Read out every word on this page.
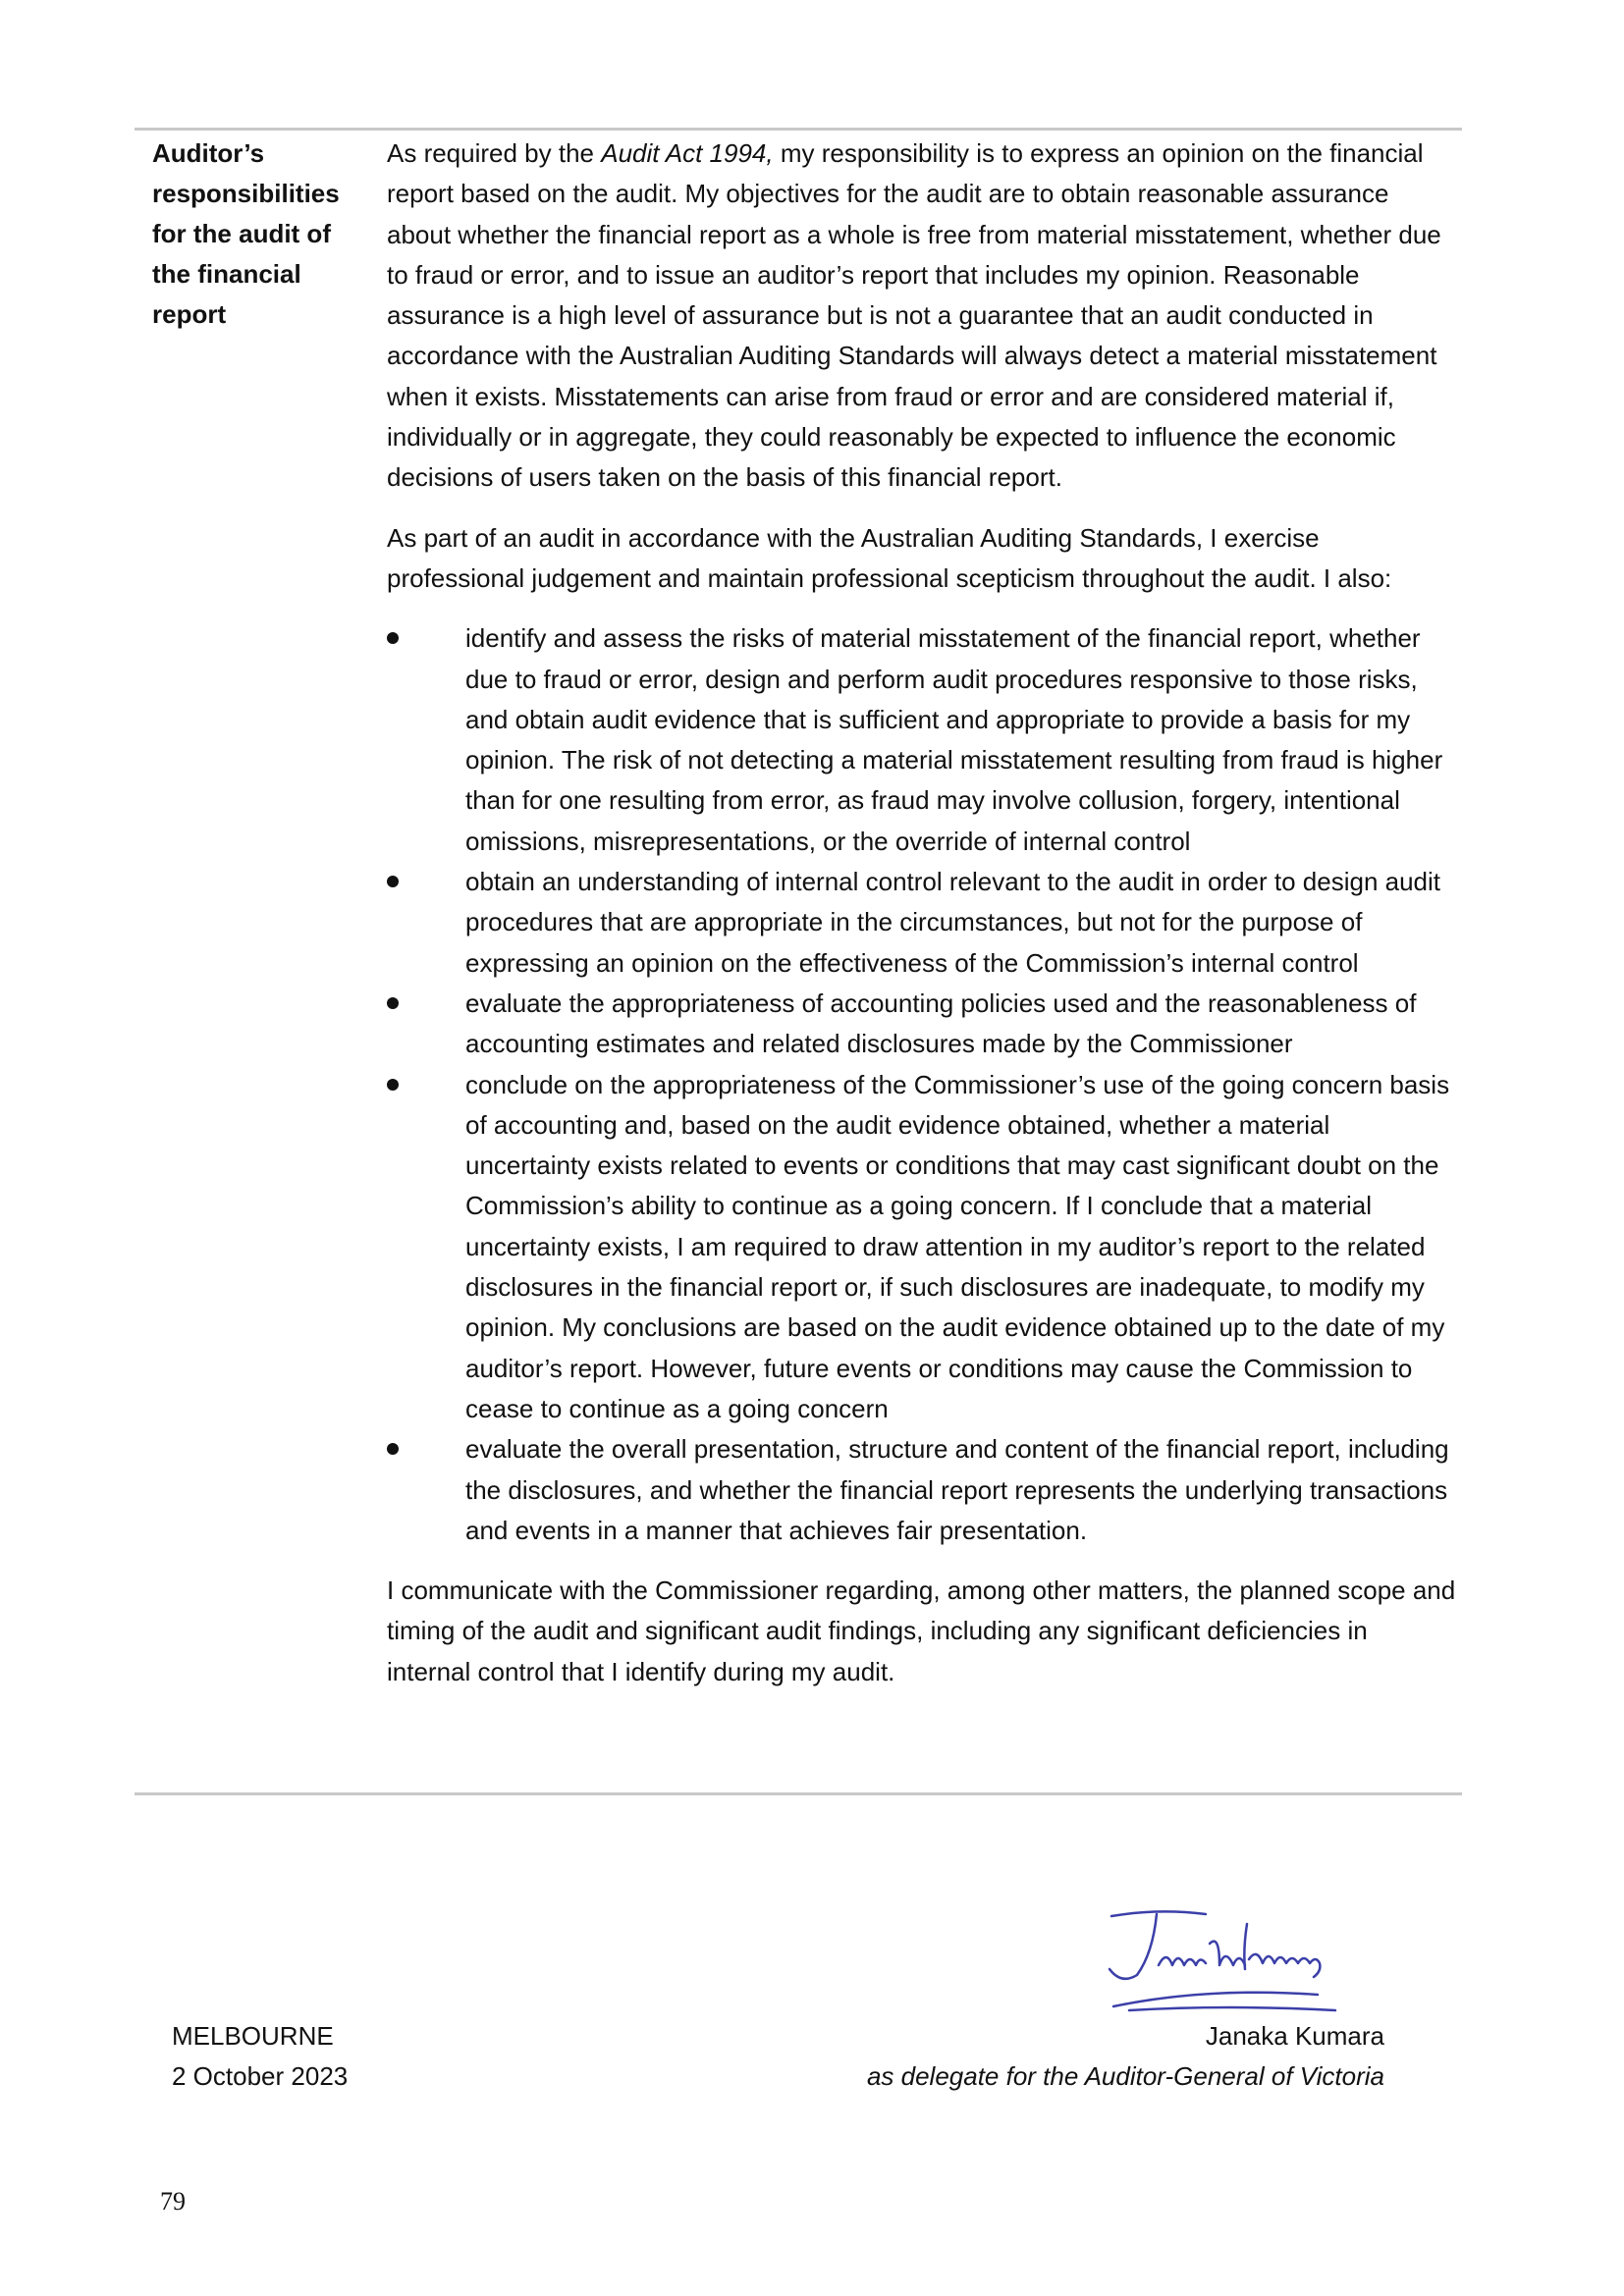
Auditor’s responsibilities for the audit of the financial report

As required by the Audit Act 1994, my responsibility is to express an opinion on the financial report based on the audit. My objectives for the audit are to obtain reasonable assurance about whether the financial report as a whole is free from material misstatement, whether due to fraud or error, and to issue an auditor’s report that includes my opinion. Reasonable assurance is a high level of assurance but is not a guarantee that an audit conducted in accordance with the Australian Auditing Standards will always detect a material misstatement when it exists. Misstatements can arise from fraud or error and are considered material if, individually or in aggregate, they could reasonably be expected to influence the economic decisions of users taken on the basis of this financial report.

As part of an audit in accordance with the Australian Auditing Standards, I exercise professional judgement and maintain professional scepticism throughout the audit. I also:

identify and assess the risks of material misstatement of the financial report, whether due to fraud or error, design and perform audit procedures responsive to those risks, and obtain audit evidence that is sufficient and appropriate to provide a basis for my opinion. The risk of not detecting a material misstatement resulting from fraud is higher than for one resulting from error, as fraud may involve collusion, forgery, intentional omissions, misrepresentations, or the override of internal control
obtain an understanding of internal control relevant to the audit in order to design audit procedures that are appropriate in the circumstances, but not for the purpose of expressing an opinion on the effectiveness of the Commission’s internal control
evaluate the appropriateness of accounting policies used and the reasonableness of accounting estimates and related disclosures made by the Commissioner
conclude on the appropriateness of the Commissioner’s use of the going concern basis of accounting and, based on the audit evidence obtained, whether a material uncertainty exists related to events or conditions that may cast significant doubt on the Commission’s ability to continue as a going concern. If I conclude that a material uncertainty exists, I am required to draw attention in my auditor’s report to the related disclosures in the financial report or, if such disclosures are inadequate, to modify my opinion. My conclusions are based on the audit evidence obtained up to the date of my auditor’s report. However, future events or conditions may cause the Commission to cease to continue as a going concern
evaluate the overall presentation, structure and content of the financial report, including the disclosures, and whether the financial report represents the underlying transactions and events in a manner that achieves fair presentation.

I communicate with the Commissioner regarding, among other matters, the planned scope and timing of the audit and significant audit findings, including any significant deficiencies in internal control that I identify during my audit.

MELBOURNE
2 October 2023
Janaka Kumara
as delegate for the Auditor-General of Victoria
79
